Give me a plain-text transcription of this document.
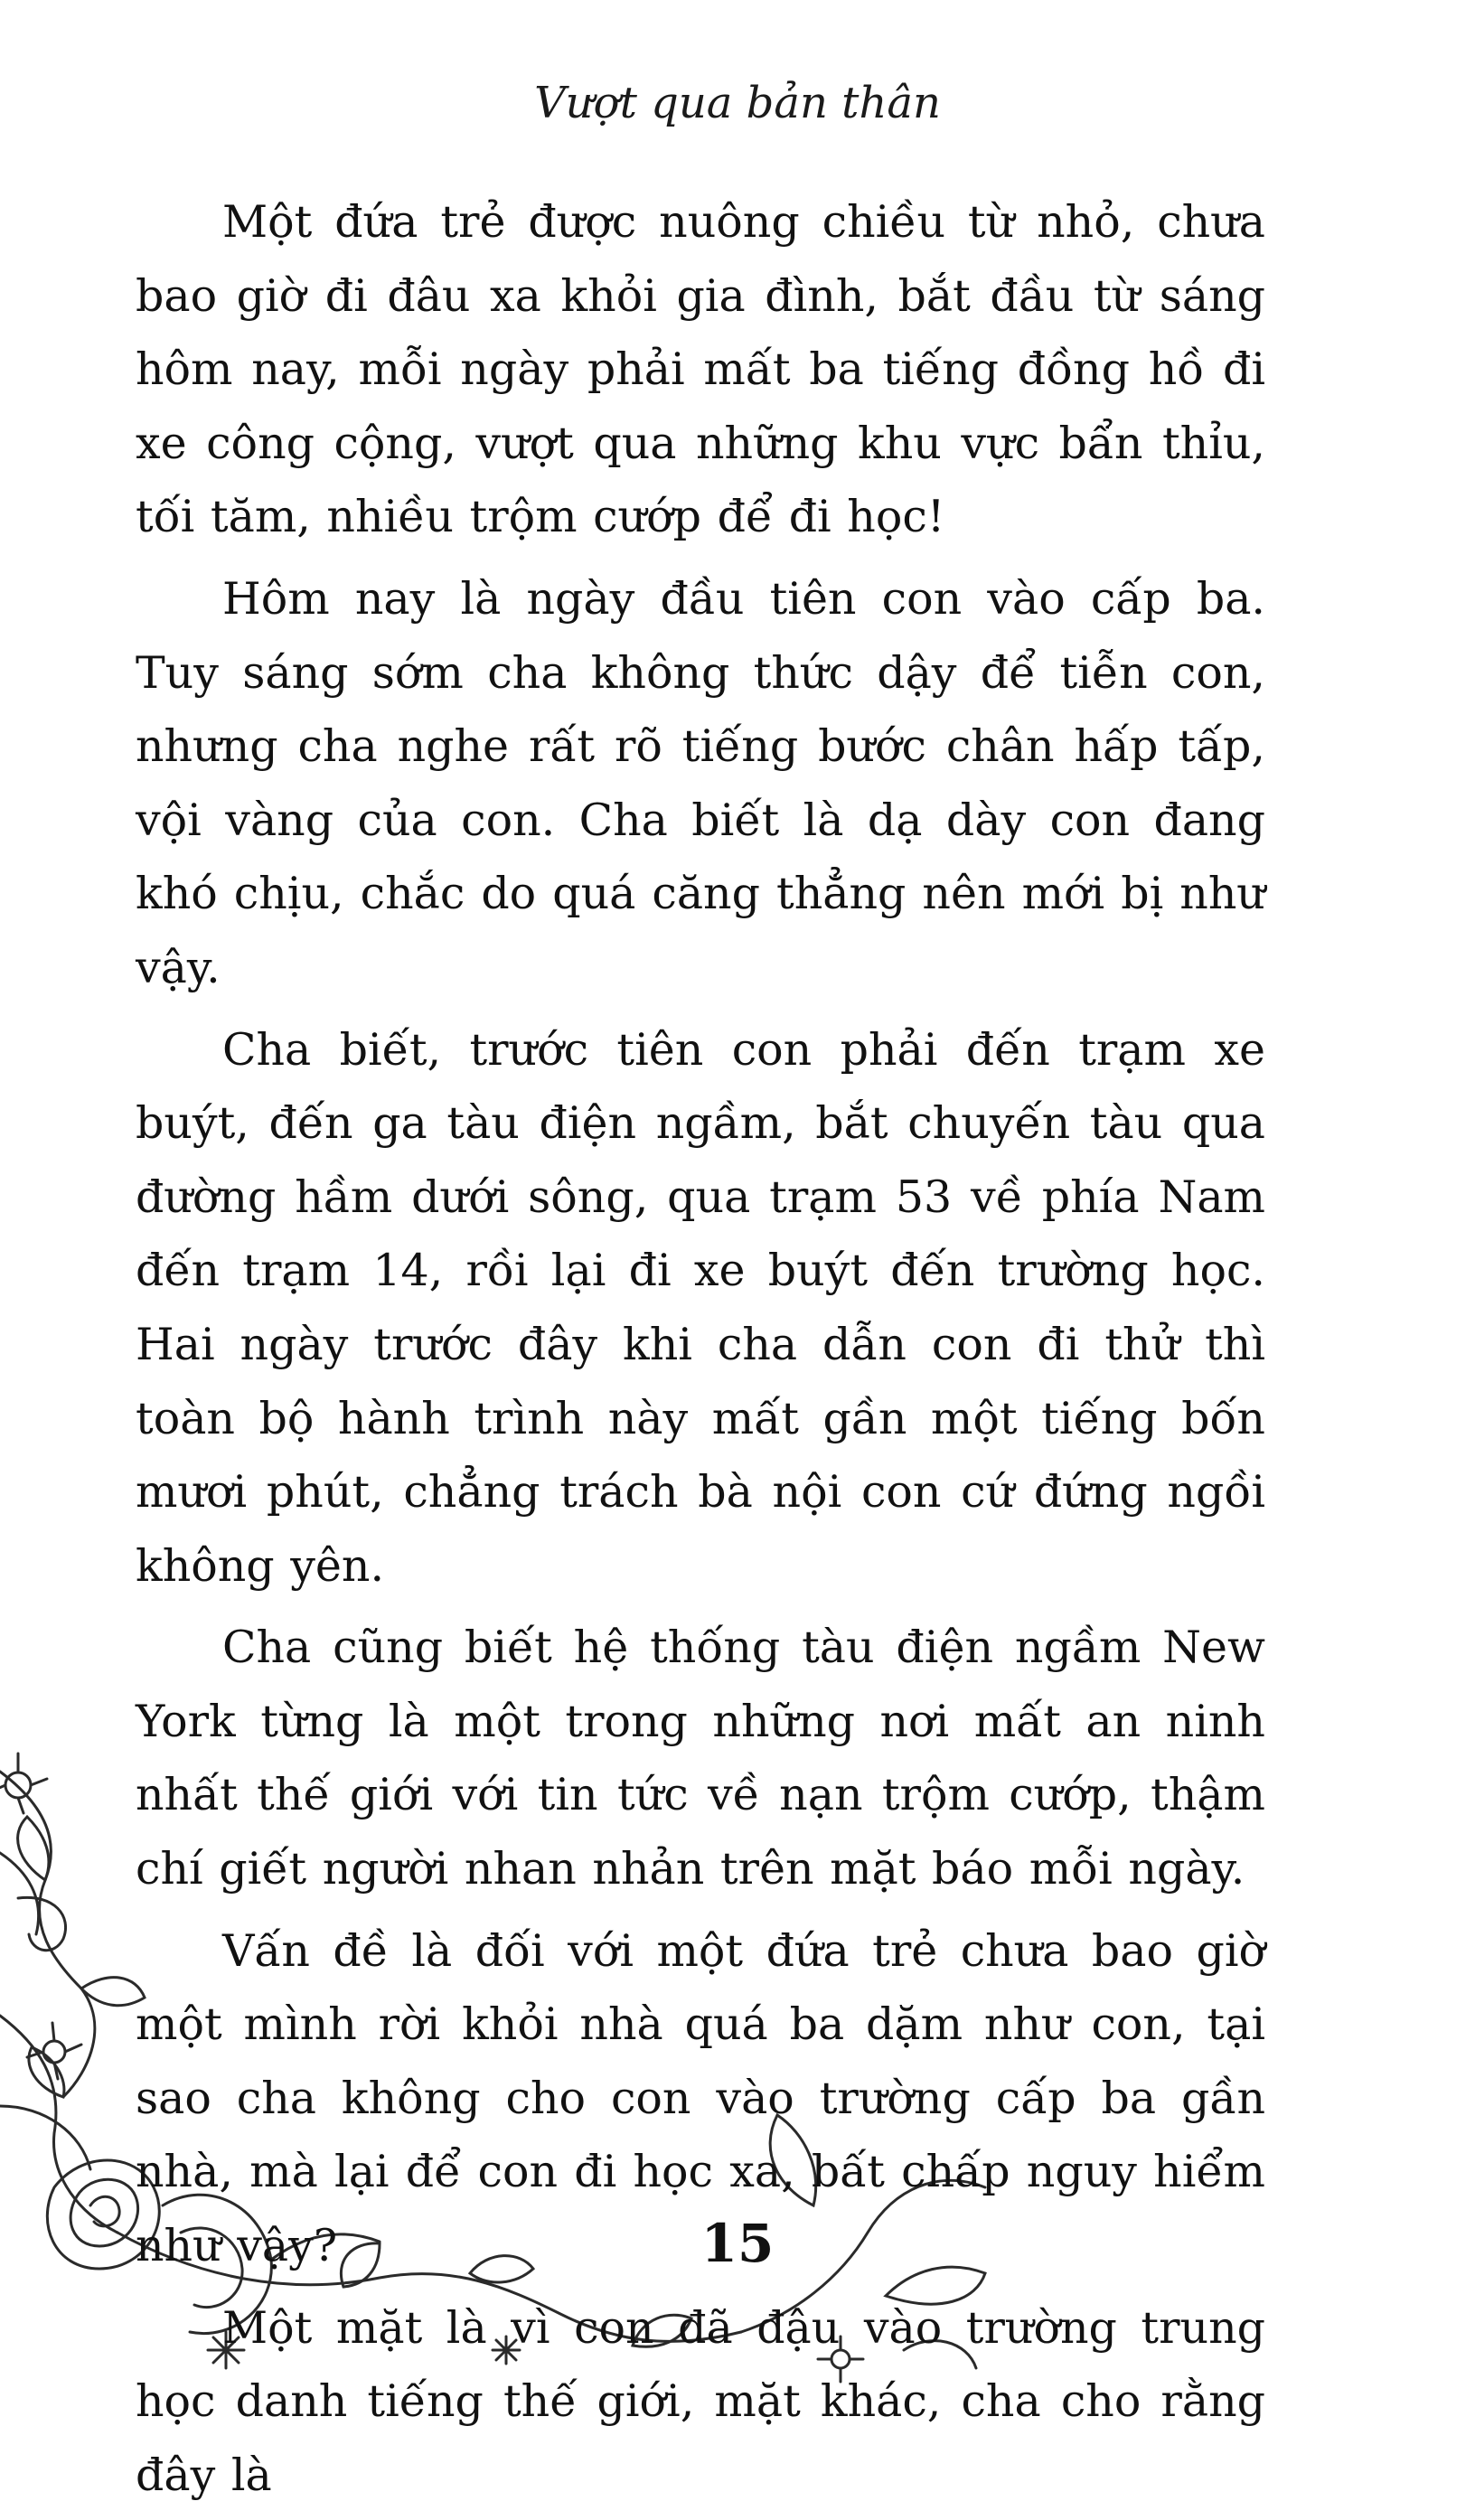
Vượt qua bản thân

Một đứa trẻ được nuông chiều từ nhỏ, chưa bao giờ đi đâu xa khỏi gia đình, bắt đầu từ sáng hôm nay, mỗi ngày phải mất ba tiếng đồng hồ đi xe công cộng, vượt qua những khu vực bẩn thỉu, tối tăm, nhiều trộm cướp để đi học!

Hôm nay là ngày đầu tiên con vào cấp ba. Tuy sáng sớm cha không thức dậy để tiễn con, nhưng cha nghe rất rõ tiếng bước chân hấp tấp, vội vàng của con. Cha biết là dạ dày con đang khó chịu, chắc do quá căng thẳng nên mới bị như vậy.

Cha biết, trước tiên con phải đến trạm xe buýt, đến ga tàu điện ngầm, bắt chuyến tàu qua đường hầm dưới sông, qua trạm 53 về phía Nam đến trạm 14, rồi lại đi xe buýt đến trường học. Hai ngày trước đây khi cha dẫn con đi thử thì toàn bộ hành trình này mất gần một tiếng bốn mươi phút, chẳng trách bà nội con cứ đứng ngồi không yên.

Cha cũng biết hệ thống tàu điện ngầm New York từng là một trong những nơi mất an ninh nhất thế giới với tin tức về nạn trộm cướp, thậm chí giết người nhan nhản trên mặt báo mỗi ngày.

Vấn đề là đối với một đứa trẻ chưa bao giờ một mình rời khỏi nhà quá ba dặm như con, tại sao cha không cho con vào trường cấp ba gần nhà, mà lại để con đi học xa, bất chấp nguy hiểm như vậy?

Một mặt là vì con đã đậu vào trường trung học danh tiếng thế giới, mặt khác, cha cho rằng đây là

15
